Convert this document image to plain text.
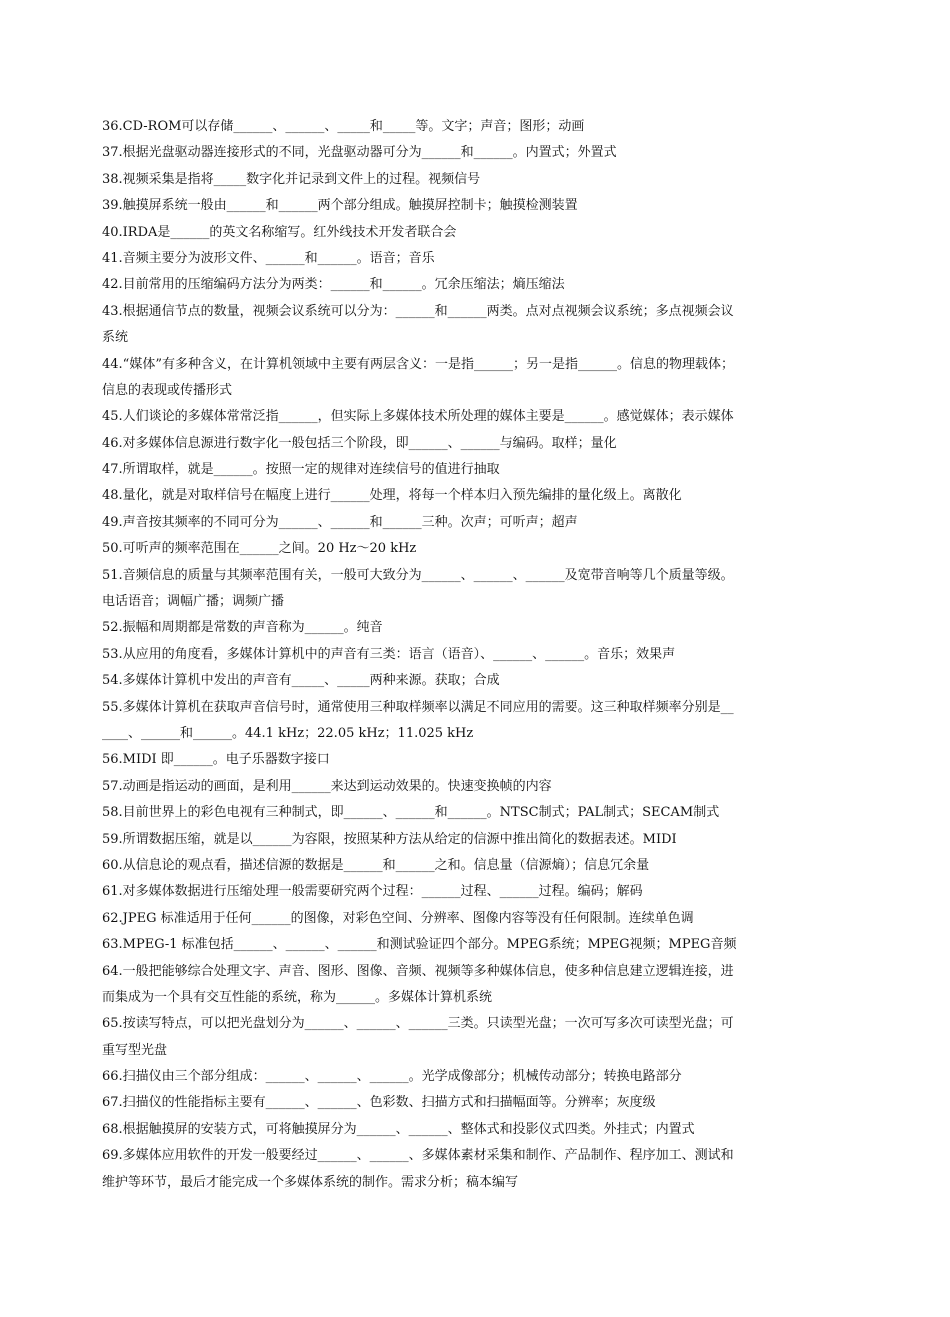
36.CD-ROM可以存储______、______、_____和_____等。文字；声音；图形；动画
37.根据光盘驱动器连接形式的不同，光盘驱动器可分为______和______。内置式；外置式
38.视频采集是指将_____数字化并记录到文件上的过程。视频信号
39.触摸屏系统一般由______和______两个部分组成。触摸屏控制卡；触摸检测装置
40.IRDA是______的英文名称缩写。红外线技术开发者联合会
41.音频主要分为波形文件、______和______。语音；音乐
42.目前常用的压缩编码方法分为两类：______和______。冗余压缩法；熵压缩法
43.根据通信节点的数量，视频会议系统可以分为：______和______两类。点对点视频会议系统；多点视频会议
系统
44.“媒体”有多种含义，在计算机领域中主要有两层含义：一是指______；另一是指______。信息的物理载体；
信息的表现或传播形式
45.人们谈论的多媒体常常泛指______，但实际上多媒体技术所处理的媒体主要是______。感觉媒体；表示媒体
46.对多媒体信息源进行数字化一般包括三个阶段，即______、______与编码。取样；量化
47.所谓取样，就是______。按照一定的规律对连续信号的值进行抽取
48.量化，就是对取样信号在幅度上进行______处理，将每一个样本归入预先编排的量化级上。离散化
49.声音按其频率的不同可分为______、______和______三种。次声；可听声；超声
50.可听声的频率范围在______之间。20 Hz～20 kHz
51.音频信息的质量与其频率范围有关，一般可大致分为______、______、______及宽带音响等几个质量等级。
电话语音；调幅广播；调频广播
52.振幅和周期都是常数的声音称为______。纯音
53.从应用的角度看，多媒体计算机中的声音有三类：语言（语音）、______、______。音乐；效果声
54.多媒体计算机中发出的声音有_____、_____两种来源。获取；合成
55.多媒体计算机在获取声音信号时，通常使用三种取样频率以满足不同应用的需要。这三种取样频率分别是__
____、______和______。44.1 kHz；22.05 kHz；11.025 kHz
56.MIDI 即______。电子乐器数字接口
57.动画是指运动的画面，是利用______来达到运动效果的。快速变换帧的内容
58.目前世界上的彩色电视有三种制式，即______、______和______。NTSC制式；PAL制式；SECAM制式
59.所谓数据压缩，就是以______为容限，按照某种方法从给定的信源中推出简化的数据表述。MIDI
60.从信息论的观点看，描述信源的数据是______和______之和。信息量（信源熵）；信息冗余量
61.对多媒体数据进行压缩处理一般需要研究两个过程：______过程、______过程。编码；解码
62.JPEG 标准适用于任何______的图像，对彩色空间、分辨率、图像内容等没有任何限制。连续单色调
63.MPEG-1 标准包括______、______、______和测试验证四个部分。MPEG系统；MPEG视频；MPEG音频
64.一般把能够综合处理文字、声音、图形、图像、音频、视频等多种媒体信息，使多种信息建立逻辑连接，进
而集成为一个具有交互性能的系统，称为______。多媒体计算机系统
65.按读写特点，可以把光盘划分为______、______、______三类。只读型光盘；一次可写多次可读型光盘；可
重写型光盘
66.扫描仪由三个部分组成：______、______、______。光学成像部分；机械传动部分；转换电路部分
67.扫描仪的性能指标主要有______、______、色彩数、扫描方式和扫描幅面等。分辨率；灰度级
68.根据触摸屏的安装方式，可将触摸屏分为______、______、整体式和投影仪式四类。外挂式；内置式
69.多媒体应用软件的开发一般要经过______、______、多媒体素材采集和制作、产品制作、程序加工、测试和
维护等环节，最后才能完成一个多媒体系统的制作。需求分析；稿本编写
